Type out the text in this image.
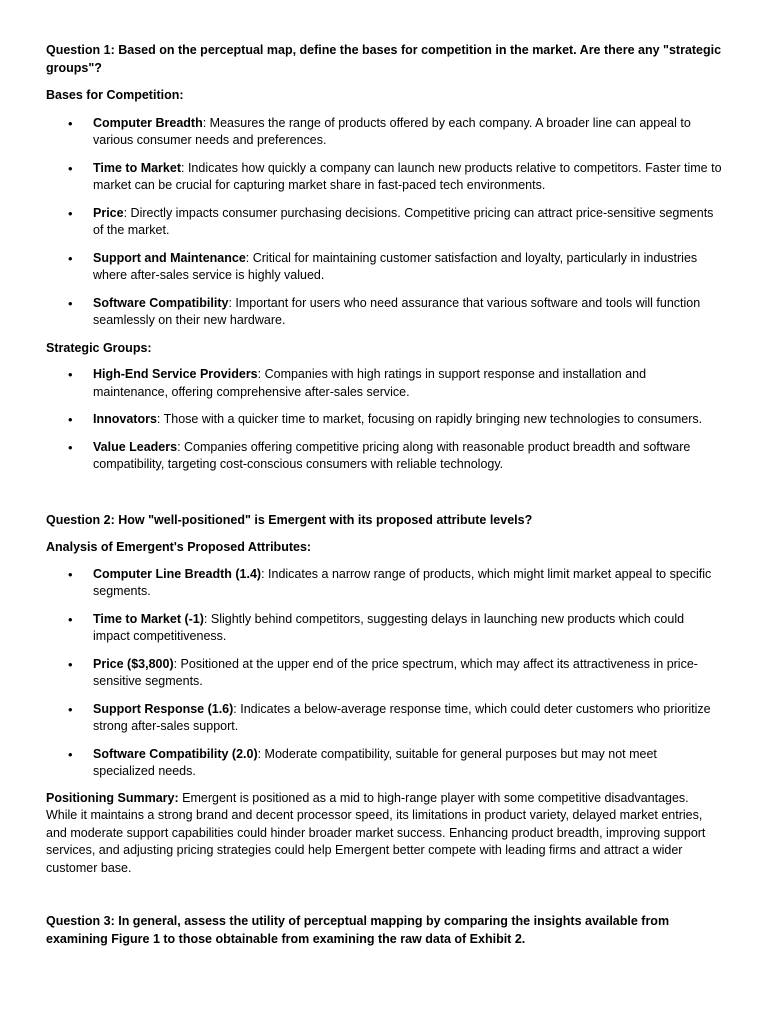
Question 1: Based on the perceptual map, define the bases for competition in the market. Are there any "strategic groups"?

Bases for Competition:

• Computer Breadth: Measures the range of products offered by each company. A broader line can appeal to various consumer needs and preferences.
• Time to Market: Indicates how quickly a company can launch new products relative to competitors. Faster time to market can be crucial for capturing market share in fast-paced tech environments.
• Price: Directly impacts consumer purchasing decisions. Competitive pricing can attract price-sensitive segments of the market.
• Support and Maintenance: Critical for maintaining customer satisfaction and loyalty, particularly in industries where after-sales service is highly valued.
• Software Compatibility: Important for users who need assurance that various software and tools will function seamlessly on their new hardware.

Strategic Groups:

• High-End Service Providers: Companies with high ratings in support response and installation and maintenance, offering comprehensive after-sales service.
• Innovators: Those with a quicker time to market, focusing on rapidly bringing new technologies to consumers.
• Value Leaders: Companies offering competitive pricing along with reasonable product breadth and software compatibility, targeting cost-conscious consumers with reliable technology.

Question 2: How "well-positioned" is Emergent with its proposed attribute levels?

Analysis of Emergent's Proposed Attributes:

• Computer Line Breadth (1.4): Indicates a narrow range of products, which might limit market appeal to specific segments.
• Time to Market (-1): Slightly behind competitors, suggesting delays in launching new products which could impact competitiveness.
• Price ($3,800): Positioned at the upper end of the price spectrum, which may affect its attractiveness in price-sensitive segments.
• Support Response (1.6): Indicates a below-average response time, which could deter customers who prioritize strong after-sales support.
• Software Compatibility (2.0): Moderate compatibility, suitable for general purposes but may not meet specialized needs.

Positioning Summary: Emergent is positioned as a mid to high-range player with some competitive disadvantages. While it maintains a strong brand and decent processor speed, its limitations in product variety, delayed market entries, and moderate support capabilities could hinder broader market success. Enhancing product breadth, improving support services, and adjusting pricing strategies could help Emergent better compete with leading firms and attract a wider customer base.

Question 3: In general, assess the utility of perceptual mapping by comparing the insights available from examining Figure 1 to those obtainable from examining the raw data of Exhibit 2.
